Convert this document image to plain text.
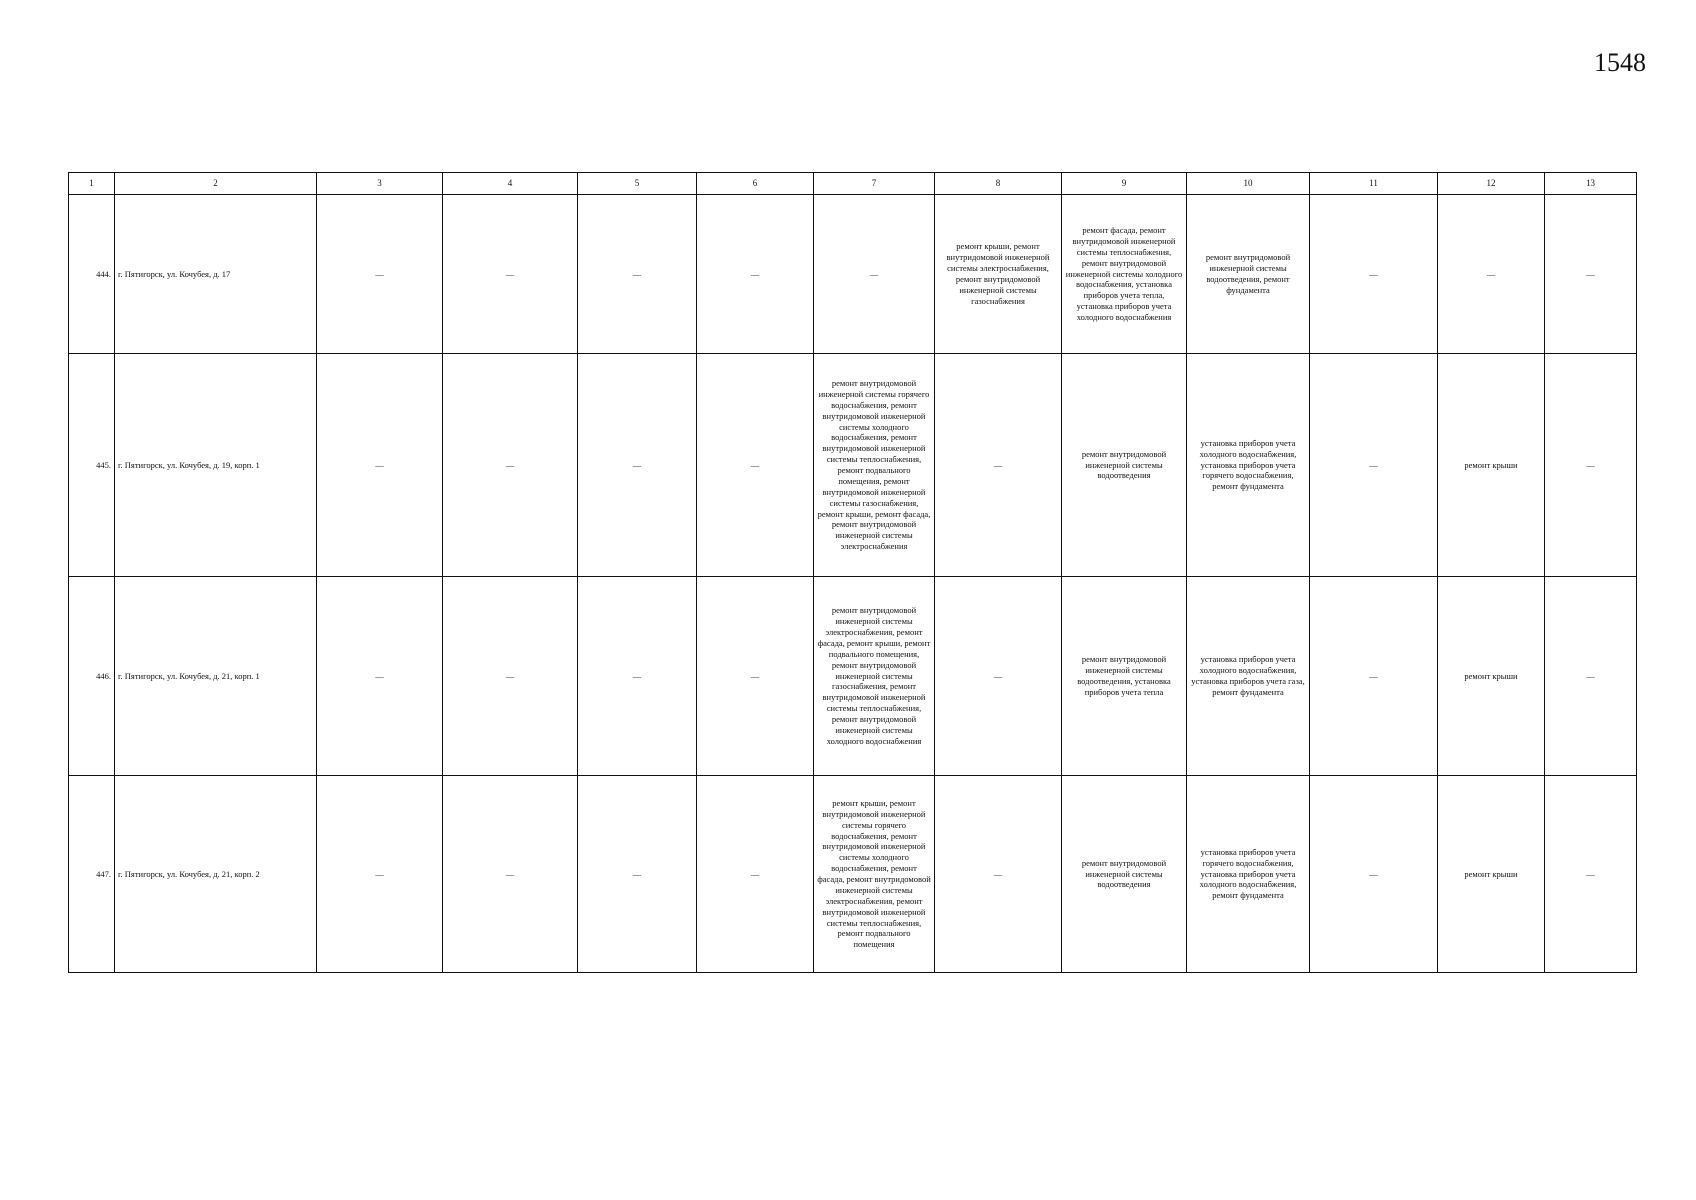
1548
1	2	3	4	5	6	7	8	9	10	11	12	13
444.	г. Пятигорск, ул. Кочубея, д. 17	—	—	—	—	—	ремонт крыши, ремонт внутридомовой инженерной системы электроснабжения, ремонт внутридомовой инженерной системы газоснабжения	ремонт фасада, ремонт внутридомовой инженерной системы теплоснабжения, ремонт внутридомовой инженерной системы холодного водоснабжения, установка приборов учета тепла, установка приборов учета холодного водоснабжения	ремонт внутридомовой инженерной системы водоотведения, ремонт фундамента	—	—	—
445.	г. Пятигорск, ул. Кочубея, д. 19, корп. 1	—	—	—	—	ремонт внутридомовой инженерной системы горячего водоснабжения, ремонт внутридомовой инженерной системы холодного водоснабжения, ремонт внутридомовой инженерной системы теплоснабжения, ремонт подвального помещения, ремонт внутридомовой инженерной системы газоснабжения, ремонт крыши, ремонт фасада, ремонт внутридомовой инженерной системы электроснабжения	—	ремонт внутридомовой инженерной системы водоотведения	установка приборов учета холодного водоснабжения, установка приборов учета горячего водоснабжения, ремонт фундамента	—	ремонт крыши	—
446.	г. Пятигорск, ул. Кочубея, д. 21, корп. 1	—	—	—	—	ремонт внутридомовой инженерной системы электроснабжения, ремонт фасада, ремонт крыши, ремонт подвального помещения, ремонт внутридомовой инженерной системы газоснабжения, ремонт внутридомовой инженерной системы теплоснабжения, ремонт внутридомовой инженерной системы холодного водоснабжения	—	ремонт внутридомовой инженерной системы водоотведения, установка приборов учета тепла	установка приборов учета холодного водоснабжения, установка приборов учета газа, ремонт фундамента	—	ремонт крыши	—
447.	г. Пятигорск, ул. Кочубея, д. 21, корп. 2	—	—	—	—	ремонт крыши, ремонт внутридомовой инженерной системы горячего водоснабжения, ремонт внутридомовой инженерной системы холодного водоснабжения, ремонт фасада, ремонт внутридомовой инженерной системы электроснабжения, ремонт внутридомовой инженерной системы теплоснабжения, ремонт подвального помещения	—	ремонт внутридомовой инженерной системы водоотведения	установка приборов учета горячего водоснабжения, установка приборов учета холодного водоснабжения, ремонт фундамента	—	ремонт крыши	—
